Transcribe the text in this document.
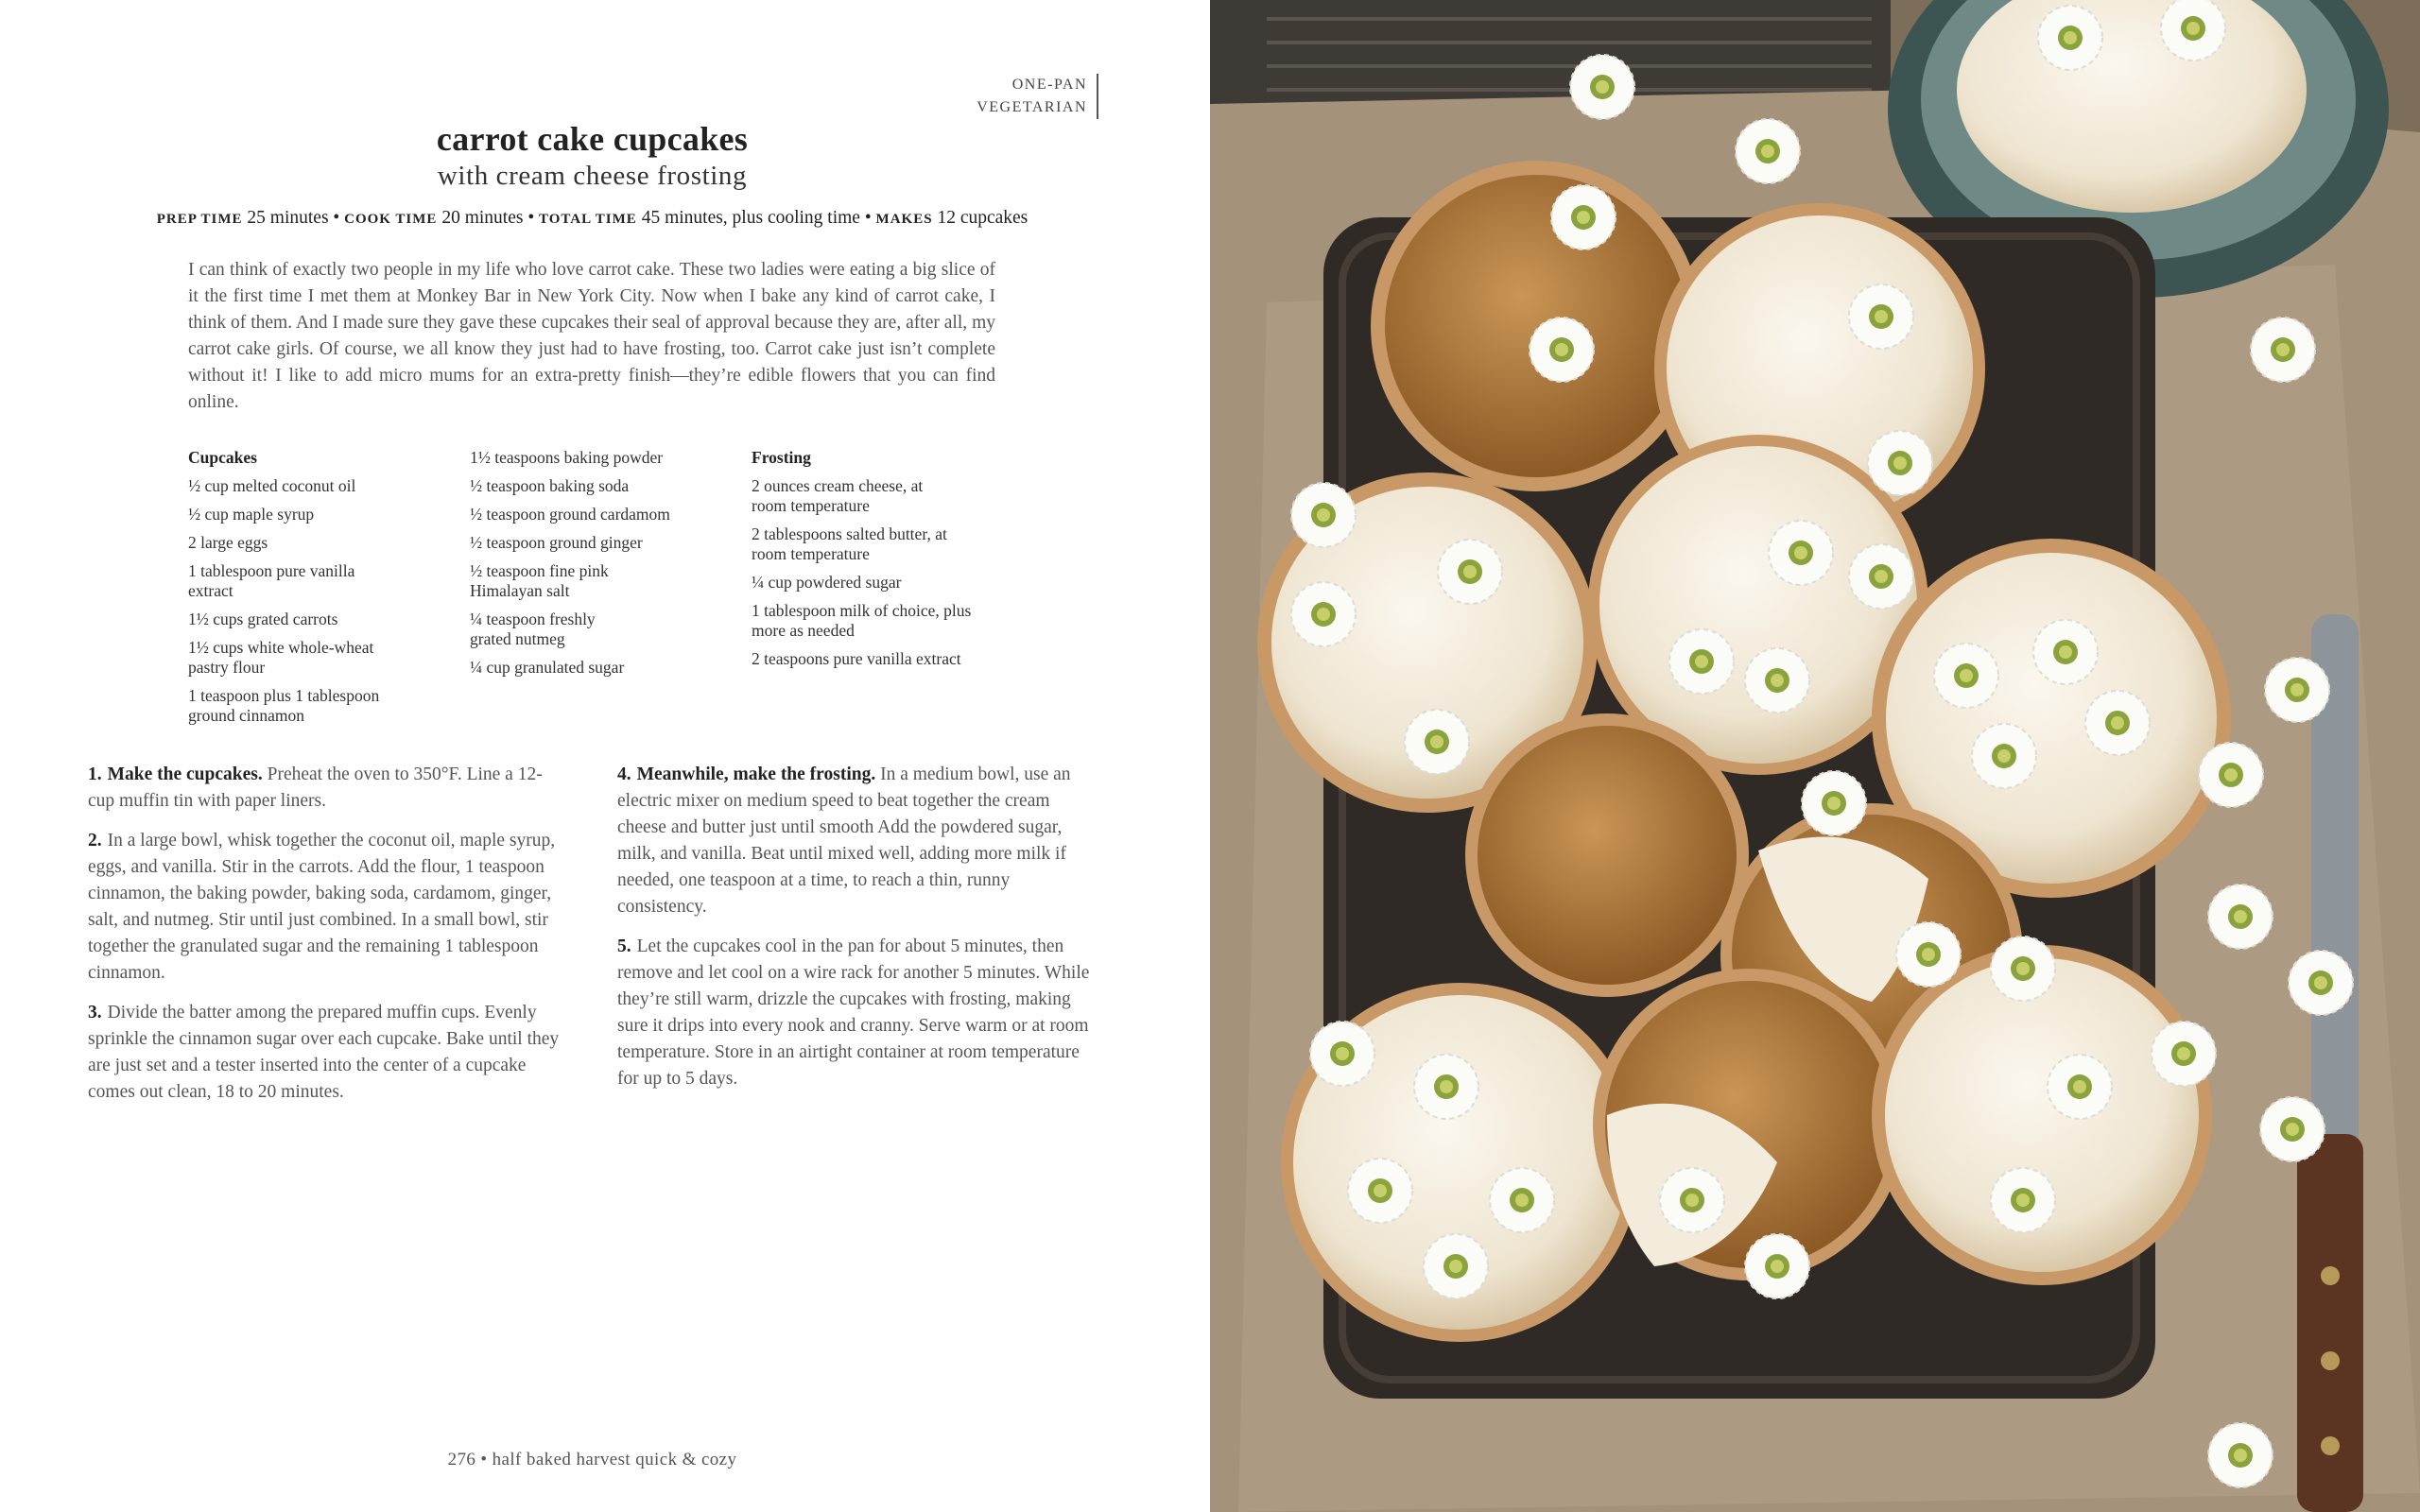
ONE-PAN
VEGETARIAN
carrot cake cupcakes
with cream cheese frosting
PREP TIME 25 minutes • COOK TIME 20 minutes • TOTAL TIME 45 minutes, plus cooling time • MAKES 12 cupcakes

I can think of exactly two people in my life who love carrot cake. These two ladies were eating a big slice of it the first time I met them at Monkey Bar in New York City. Now when I bake any kind of carrot cake, I think of them. And I made sure they gave these cupcakes their seal of approval because they are, after all, my carrot cake girls. Of course, we all know they just had to have frosting, too. Carrot cake just isn’t complete without it! I like to add micro mums for an extra-pretty finish—they’re edible flowers that you can find online.

Cupcakes
½ cup melted coconut oil
½ cup maple syrup
2 large eggs
1 tablespoon pure vanilla extract
1½ cups grated carrots
1½ cups white whole-wheat pastry flour
1 teaspoon plus 1 tablespoon ground cinnamon
1½ teaspoons baking powder
½ teaspoon baking soda
½ teaspoon ground cardamom
½ teaspoon ground ginger
½ teaspoon fine pink Himalayan salt
¼ teaspoon freshly grated nutmeg
¼ cup granulated sugar
Frosting
2 ounces cream cheese, at room temperature
2 tablespoons salted butter, at room temperature
¼ cup powdered sugar
1 tablespoon milk of choice, plus more as needed
2 teaspoons pure vanilla extract

1. Make the cupcakes. Preheat the oven to 350°F. Line a 12-cup muffin tin with paper liners.

2. In a large bowl, whisk together the coconut oil, maple syrup, eggs, and vanilla. Stir in the carrots. Add the flour, 1 teaspoon cinnamon, the baking powder, baking soda, cardamom, ginger, salt, and nutmeg. Stir until just combined. In a small bowl, stir together the granulated sugar and the remaining 1 tablespoon cinnamon.

3. Divide the batter among the prepared muffin cups. Evenly sprinkle the cinnamon sugar over each cupcake. Bake until they are just set and a tester inserted into the center of a cupcake comes out clean, 18 to 20 minutes.

4. Meanwhile, make the frosting. In a medium bowl, use an electric mixer on medium speed to beat together the cream cheese and butter just until smooth Add the powdered sugar, milk, and vanilla. Beat until mixed well, adding more milk if needed, one teaspoon at a time, to reach a thin, runny consistency.

5. Let the cupcakes cool in the pan for about 5 minutes, then remove and let cool on a wire rack for another 5 minutes. While they’re still warm, drizzle the cupcakes with frosting, making sure it drips into every nook and cranny. Serve warm or at room temperature. Store in an airtight container at room temperature for up to 5 days.

276 • half baked harvest quick & cozy
